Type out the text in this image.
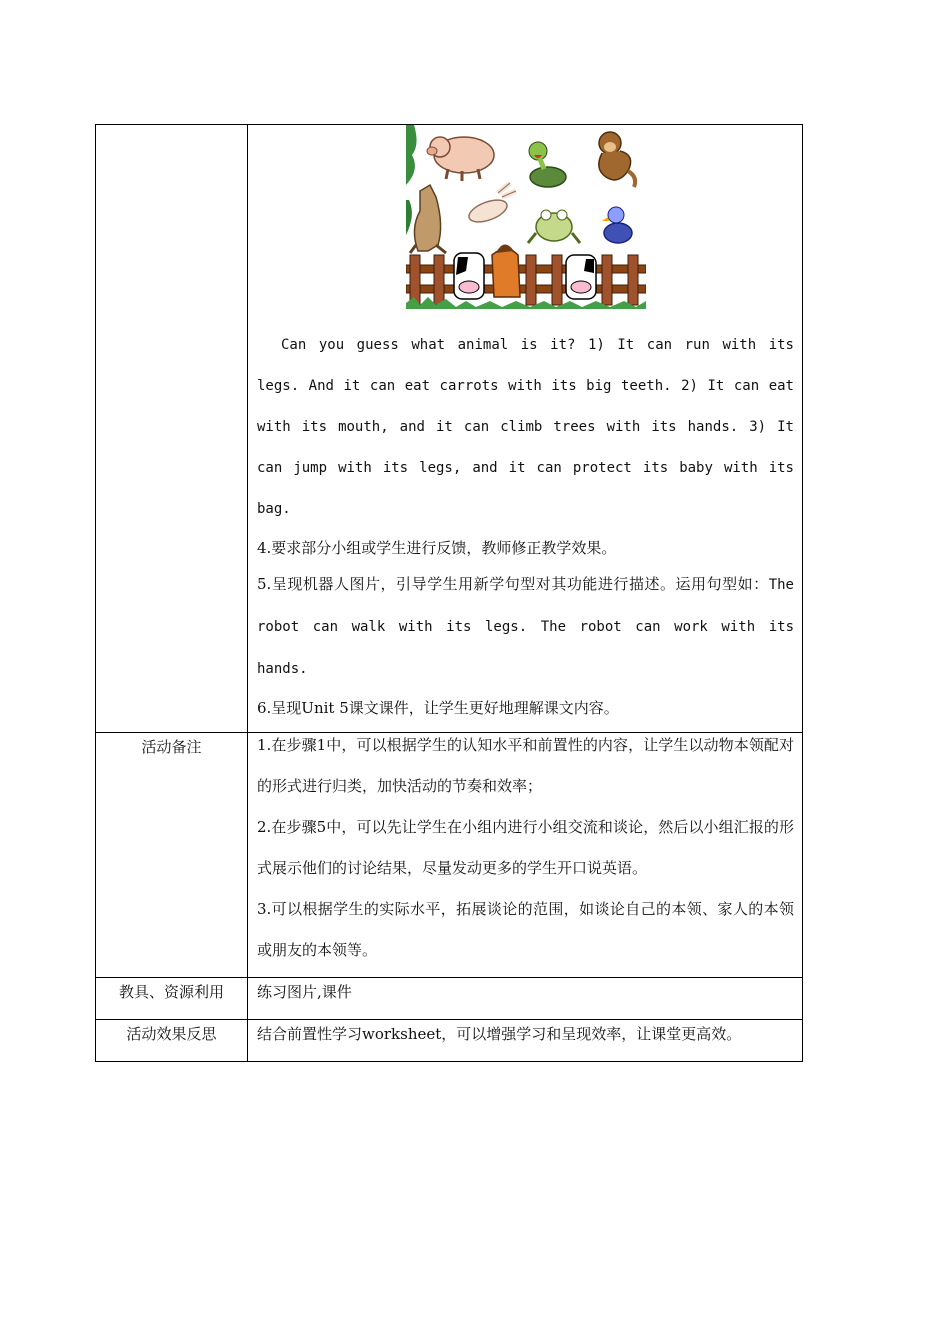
	Can you guess what animal is it? 1) It can run with its legs. And it can eat carrots with its big teeth. 2) It can eat with its mouth, and it can climb trees with its hands. 3) It can jump with its legs, and it can protect its baby with its bag.

4.要求部分小组或学生进行反馈，教师修正教学效果。

5.呈现机器人图片，引导学生用新学句型对其功能进行描述。运用句型如：The robot can walk with its legs. The robot can work with its hands.

6.呈现Unit 5课文课件，让学生更好地理解课文内容。

活动备注	1.在步骤1中，可以根据学生的认知水平和前置性的内容，让学生以动物本领配对的形式进行归类，加快活动的节奏和效率；

2.在步骤5中，可以先让学生在小组内进行小组交流和谈论，然后以小组汇报的形式展示他们的讨论结果，尽量发动更多的学生开口说英语。

3.可以根据学生的实际水平，拓展谈论的范围，如谈论自己的本领、家人的本领或朋友的本领等。

教具、资源利用	练习图片,课件
活动效果反思	结合前置性学习worksheet，可以增强学习和呈现效率，让课堂更高效。
